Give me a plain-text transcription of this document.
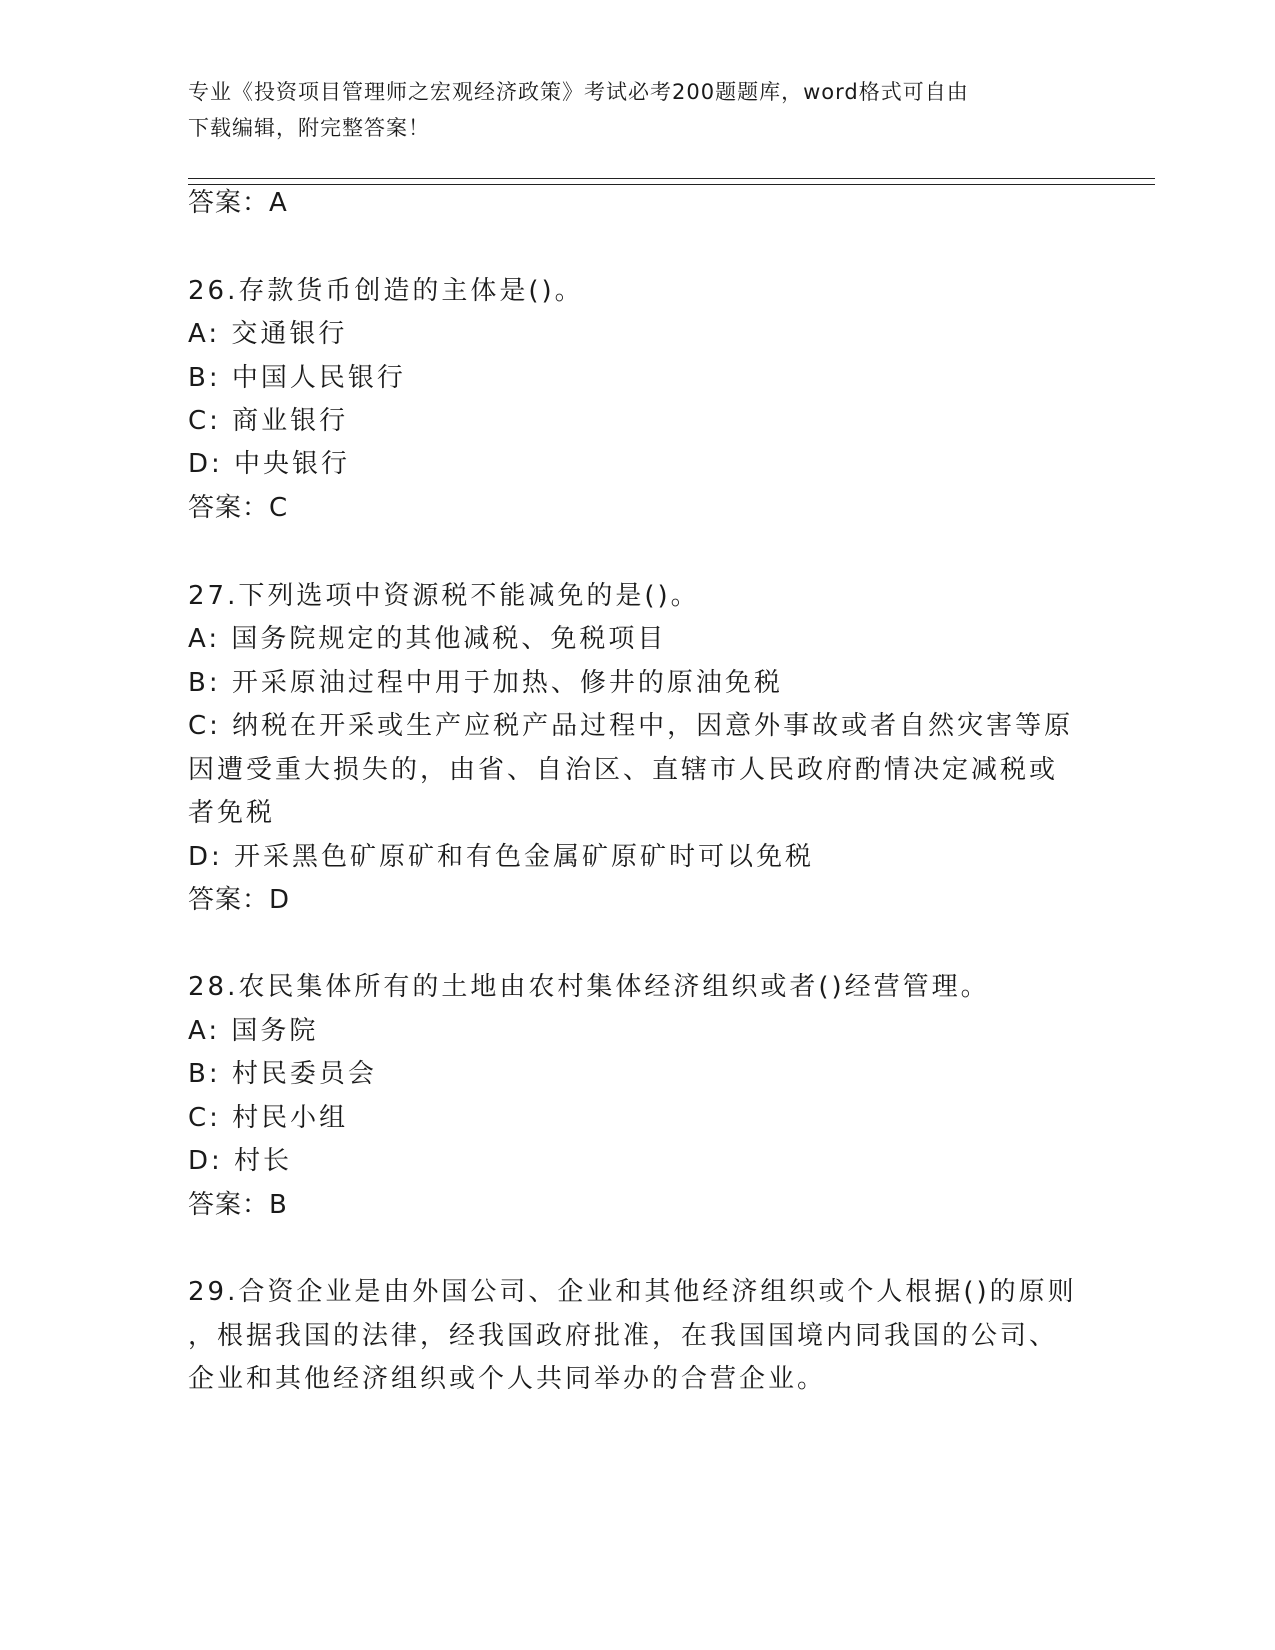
专业《投资项目管理师之宏观经济政策》考试必考200题题库，word格式可自由
下载编辑，附完整答案！
答案：A
26.存款货币创造的主体是()。
A: 交通银行
B: 中国人民银行
C: 商业银行
D: 中央银行
答案：C
27.下列选项中资源税不能减免的是()。
A: 国务院规定的其他减税、免税项目
B: 开采原油过程中用于加热、修井的原油免税
C: 纳税在开采或生产应税产品过程中，因意外事故或者自然灾害等原
因遭受重大损失的，由省、自治区、直辖市人民政府酌情决定减税或
者免税
D: 开采黑色矿原矿和有色金属矿原矿时可以免税
答案：D
28.农民集体所有的土地由农村集体经济组织或者()经营管理。
A: 国务院
B: 村民委员会
C: 村民小组
D: 村长
答案：B
29.合资企业是由外国公司、企业和其他经济组织或个人根据()的原则
，根据我国的法律，经我国政府批准，在我国国境内同我国的公司、
企业和其他经济组织或个人共同举办的合营企业。
